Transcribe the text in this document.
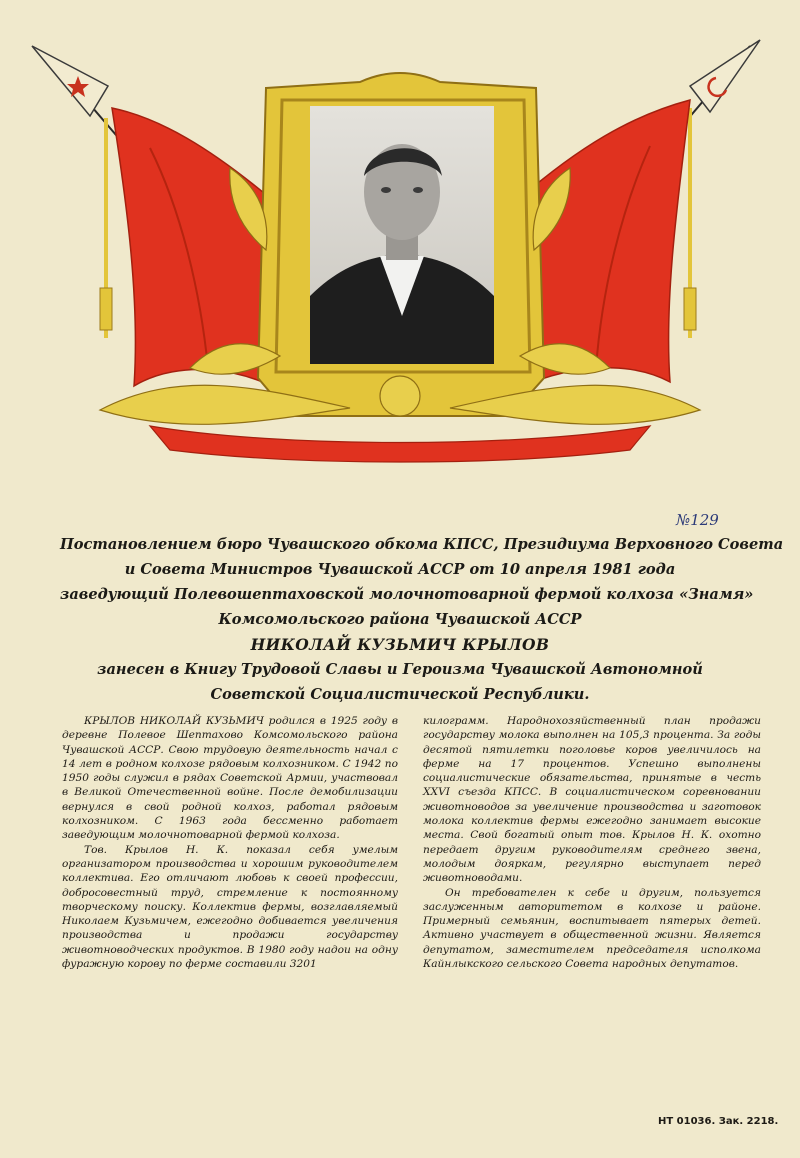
№129
Постановлением бюро Чувашского обкома КПСС, Президиума Верховного Совета
и Совета Министров Чувашской АССР от 10 апреля 1981 года
заведующий Полевошептаховской молочнотоварной фермой колхоза «Знамя»
Комсомольского района Чувашской АССР
НИКОЛАЙ КУЗЬМИЧ КРЫЛОВ
занесен в Книгу Трудовой Славы и Героизма Чувашской Автономной
Советской Социалистической Республики.

КРЫЛОВ НИКОЛАЙ КУЗЬМИЧ родился в 1925 году в деревне Полевое Шептахово Комсомольского района Чувашской АССР. Свою трудовую деятельность начал с 14 лет в родном колхозе рядовым колхозником. С 1942 по 1950 годы служил в рядах Советской Армии, участвовал в Великой Отечественной войне. После демобилизации вернулся в свой родной колхоз, работал рядовым колхозником. С 1963 года бессменно работает заведующим молочнотоварной фермой колхоза.

Тов. Крылов Н. К. показал себя умелым организатором производства и хорошим руководителем коллектива. Его отличают любовь к своей профессии, добросовестный труд, стремление к постоянному творческому поиску. Коллектив фермы, возглавляемый Николаем Кузьмичем, ежегодно добивается увеличения производства и продажи государству животноводческих продуктов. В 1980 году надои на одну фуражную корову по ферме составили 3201

килограмм. Народнохозяйственный план продажи государству молока выполнен на 105,3 процента. За годы десятой пятилетки поголовье коров увеличилось на ферме на 17 процентов. Успешно выполнены социалистические обязательства, принятые в честь XXVI съезда КПСС. В социалистическом соревновании животноводов за увеличение производства и заготовок молока коллектив фермы ежегодно занимает высокие места. Свой богатый опыт тов. Крылов Н. К. охотно передает другим руководителям среднего звена, молодым дояркам, регулярно выступает перед животноводами.

Он требователен к себе и другим, пользуется заслуженным авторитетом в колхозе и районе. Примерный семьянин, воспитывает пятерых детей. Активно участвует в общественной жизни. Является депутатом, заместителем председателя исполкома Кайнлыкского сельского Совета народных депутатов.

НТ 01036. Зак. 2218.
